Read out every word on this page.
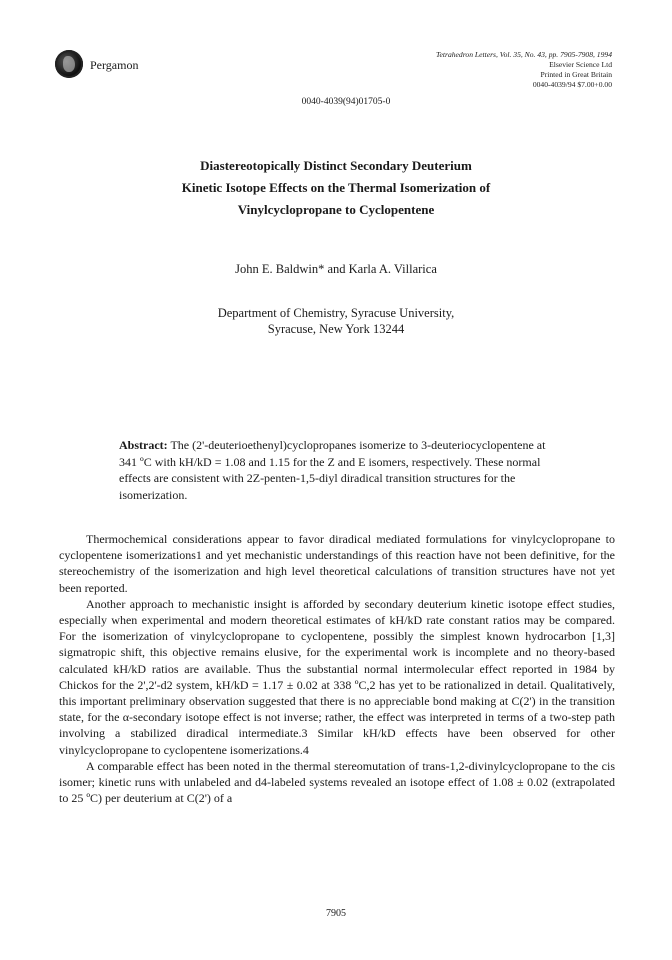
Pergamon
Tetrahedron Letters, Vol. 35, No. 43, pp. 7905-7908, 1994
Elsevier Science Ltd
Printed in Great Britain
0040-4039/94 $7.00+0.00
0040-4039(94)01705-0
Diastereotopically Distinct Secondary Deuterium
Kinetic Isotope Effects on the Thermal Isomerization of
Vinylcyclopropane to Cyclopentene
John E. Baldwin* and Karla A. Villarica
Department of Chemistry, Syracuse University,
Syracuse, New York 13244
Abstract: The (2'-deuterioethenyl)cyclopropanes isomerize to 3-deuteriocyclopentene at 341 ºC with kH/kD = 1.08 and 1.15 for the Z and E isomers, respectively. These normal effects are consistent with 2Z-penten-1,5-diyl diradical transition structures for the isomerization.

Thermochemical considerations appear to favor diradical mediated formulations for vinylcyclopropane to cyclopentene isomerizations1 and yet mechanistic understandings of this reaction have not been definitive, for the stereochemistry of the isomerization and high level theoretical calculations of transition structures have not yet been reported.

Another approach to mechanistic insight is afforded by secondary deuterium kinetic isotope effect studies, especially when experimental and modern theoretical estimates of kH/kD rate constant ratios may be compared. For the isomerization of vinylcyclopropane to cyclopentene, possibly the simplest known hydrocarbon [1,3] sigmatropic shift, this objective remains elusive, for the experimental work is incomplete and no theory-based calculated kH/kD ratios are available. Thus the substantial normal intermolecular effect reported in 1984 by Chickos for the 2',2'-d2 system, kH/kD = 1.17 ± 0.02 at 338 ºC,2 has yet to be rationalized in detail. Qualitatively, this important preliminary observation suggested that there is no appreciable bond making at C(2') in the transition state, for the α-secondary isotope effect is not inverse; rather, the effect was interpreted in terms of a two-step path involving a stabilized diradical intermediate.3 Similar kH/kD effects have been observed for other vinylcyclopropane to cyclopentene isomerizations.4

A comparable effect has been noted in the thermal stereomutation of trans-1,2-divinylcyclopropane to the cis isomer; kinetic runs with unlabeled and d4-labeled systems revealed an isotope effect of 1.08 ± 0.02 (extrapolated to 25 ºC) per deuterium at C(2') of a

7905
